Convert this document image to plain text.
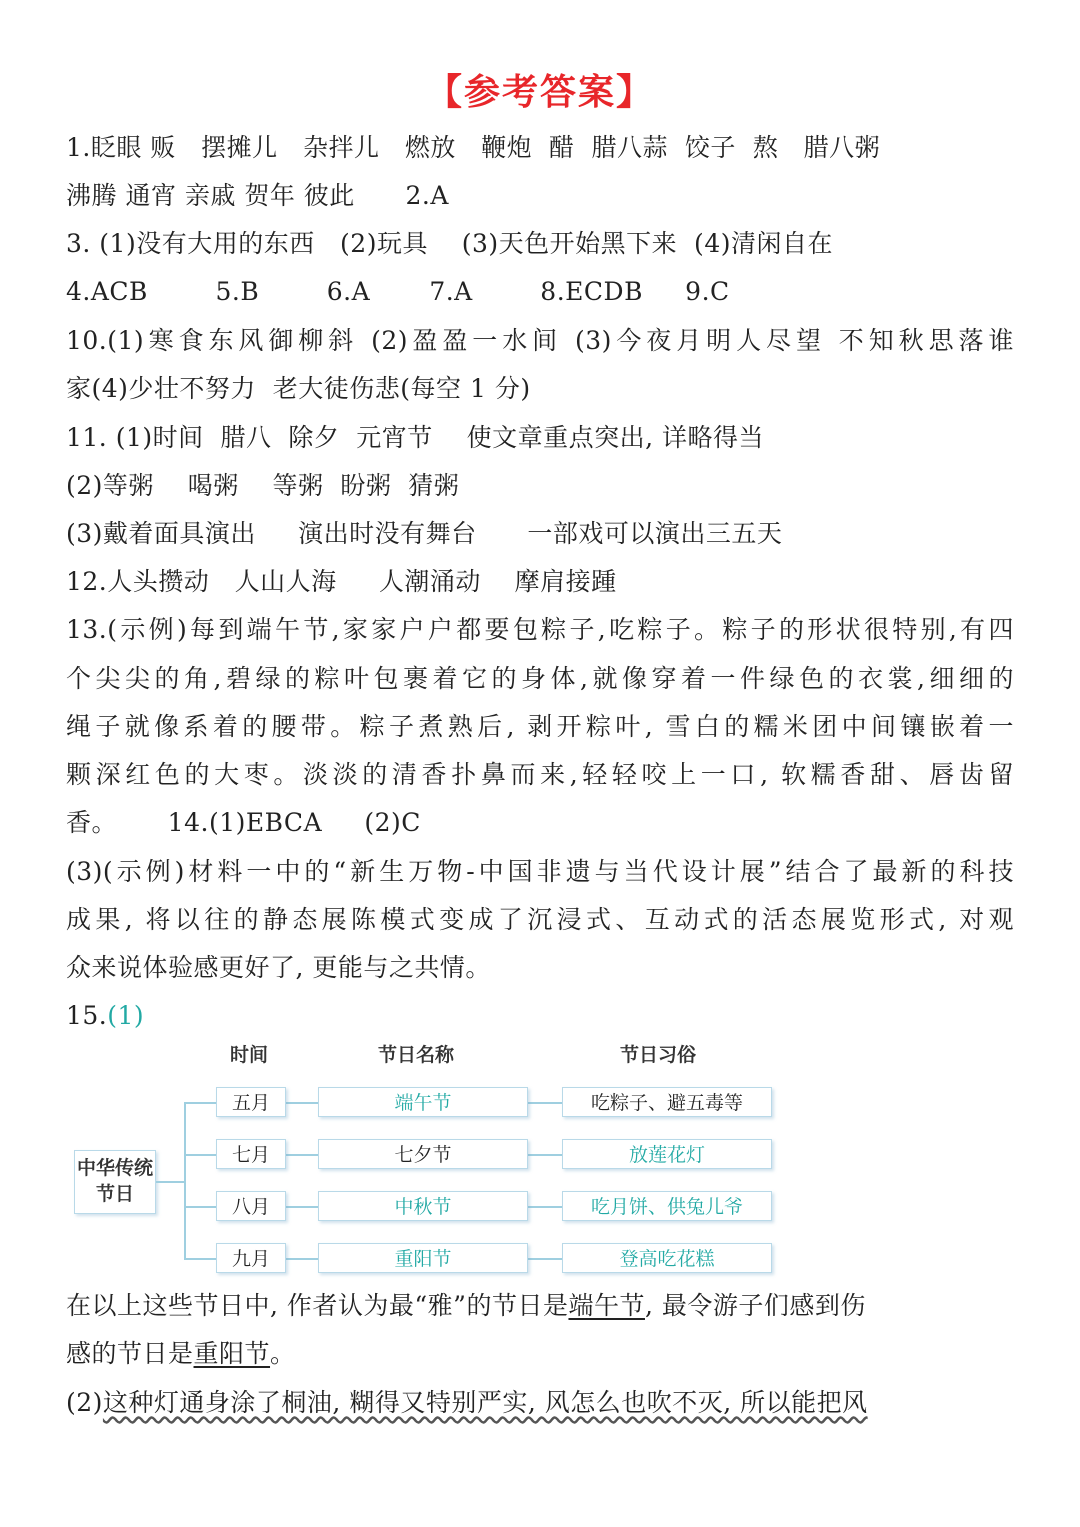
【参考答案】
1.眨眼 贩   摆摊儿   杂拌儿   燃放   鞭炮  醋  腊八蒜  饺子  熬   腊八粥
沸腾 通宵 亲戚 贺年 彼此      2.A
3. (1)没有大用的东西   (2)玩具    (3)天色开始黑下来  (4)清闲自在
4.ACB        5.B        6.A       7.A        8.ECDB     9.C
10.(1)寒食东风御柳斜 (2)盈盈一水间 (3)今夜月明人尽望 不知秋思落谁
家(4)少壮不努力  老大徒伤悲(每空 1 分)
11. (1)时间  腊八  除夕  元宵节    使文章重点突出, 详略得当
(2)等粥    喝粥    等粥  盼粥  猜粥
(3)戴着面具演出     演出时没有舞台      一部戏可以演出三五天
12.人头攒动   人山人海     人潮涌动    摩肩接踵
13.(示例)每到端午节,家家户户都要包粽子,吃粽子。粽子的形状很特别,有四
个尖尖的角,碧绿的粽叶包裹着它的身体,就像穿着一件绿色的衣裳,细细的
绳子就像系着的腰带。粽子煮熟后, 剥开粽叶, 雪白的糯米团中间镶嵌着一
颗深红色的大枣。淡淡的清香扑鼻而来,轻轻咬上一口, 软糯香甜、唇齿留
香。      14.(1)EBCA     (2)C
(3)(示例)材料一中的“新生万物-中国非遗与当代设计展”结合了最新的科技
成果, 将以往的静态展陈模式变成了沉浸式、互动式的活态展览形式, 对观
众来说体验感更好了, 更能与之共情。
15.(1)
时间	节日名称	节日习俗
中华传统节日
五月	端午节	吃粽子、避五毒等
七月	七夕节	放莲花灯
八月	中秋节	吃月饼、供兔儿爷
九月	重阳节	登高吃花糕
在以上这些节日中, 作者认为最“雅”的节日是端午节, 最令游子们感到伤
感的节日是重阳节。
(2)这种灯通身涂了桐油, 糊得又特别严实, 风怎么也吹不灭, 所以能把风
